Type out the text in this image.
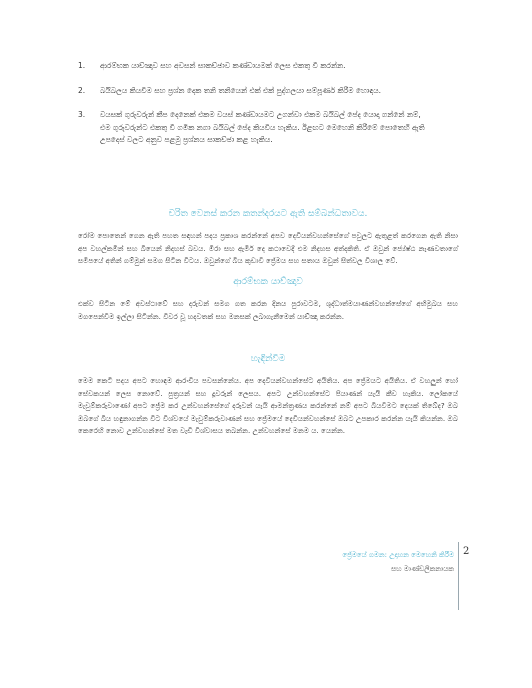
1.	ආරම්භක යාච්ඤාව සහ අවසන් සාකච්ඡාව කණ්ඩායමක් ලෙස එකතු වී කරන්න.
2.	බයිබලය කියවීම සහ ප්‍රශ්න දෙක තනි තනියෙන් එක් එක් පුද්ගලයා සම්පූර්ණ කිරීම හොඳය.
3.	වයසක් ගුරුවරුන් කීප දෙනෙක් එකම වයස් කණ්ඩායමට උගන්වා එකම බයිබල් පේද යොදා ගන්නේ නම්, එම ගුරුවරුන්ට එකතු වී ගමික නගා බයිබල් පේද කියවිය හැකිය. ඊළඟට මෙහෙනි කිරීමේ පොතෙහි ඇති උපදෙස් වලට අනුව පළමු ප්‍රශ්නය සාකච්ඡා කළ හැකිය.
චරිත වෙනස් කරන කතන්දරයට ඇති සම්බන්ධතාවය.
රෝම පොතෙන් ගෙන ඇති පහත සඳහන් පදය ප්‍රකාශ කරන්නේ අපව දෙවියන්වහන්සේගේ පවුලට ඇතුළත් කරගෙන ඇති නිසා අප වහල්කමින් සහ බියෙන් නිදහස් බවය. මීරා සහ ඇමීර් දෙ කථාවෙදී එම නිදහස අත්දකිති. ඒ ඔවුන් ජ්‍යේෂ්ඨ නැණවතාගේ සමීපයේ අතින් ගම්මුන් සමග සිටින විටය. ඔවුන්ගේ බිය කුඩාවී ජ්‍රේමය සහ සතාය ඔවුන් සිත්වල විශාල වේ.
ආරම්භක යාච්ඤාව
එක්ව සිටින මේ අවස්ථාවේ සහ දරුවන් සමග ගත කරන දිනය පුරාවටම, ශුද්ධාත්මයාණන්වහන්සේගේ අභිමුඛය සහ මගපෙන්වීම ඉල්ලා සිටින්න. විවර වූ හදවතක් සහ මනසක් ලබාගැනීමෙන් යාච්ඤා කරන්න.
හැඳින්වීම
මෙම කෙටි පදය අපට හොඳම ආරංචිය පවසන්නේය. අප දෙවියන්වහන්සේට අයිතිය. අප ජ්‍රේමයට අයිතිය. ඒ වහලුන් හෝ සේවකයන් ලෙස නොවේ. පුත්‍රයන් සහ දූවරුන් ලෙසය. අපට උන්වහන්සේට පියාණන් යැයි කීව හැකිය. ලෝකයේ මැවුම්කරුවාණෝ අපට ජ්‍රේම කර උන්වහන්සේගේ දරුවන් යැයි ආමන්ත්‍රණය කරන්නේ නම් අපට බියවීමට දෙයක් තිබේද? ඔබ ඔබගේ බිය හඳුනාගන්න විට විශ්වයේ මැවුම්කරුවාණන් සහ ජ්‍රේමයේ දෙවියන්වහන්සේ ඔබට උපකාර කරන්න යැයි කියන්න. ඔබ කෙරෙහි නොව උන්වහන්සේ මත වැඩි විශ්වාසය තබන්න. උන්වහන්සේ මනම ය. යෙන්න.
ජ්‍රේමයේ ගමන: උදාහන මෙහෙනි කිරීම
සහ මාණ්ඩලිකනායක
2
